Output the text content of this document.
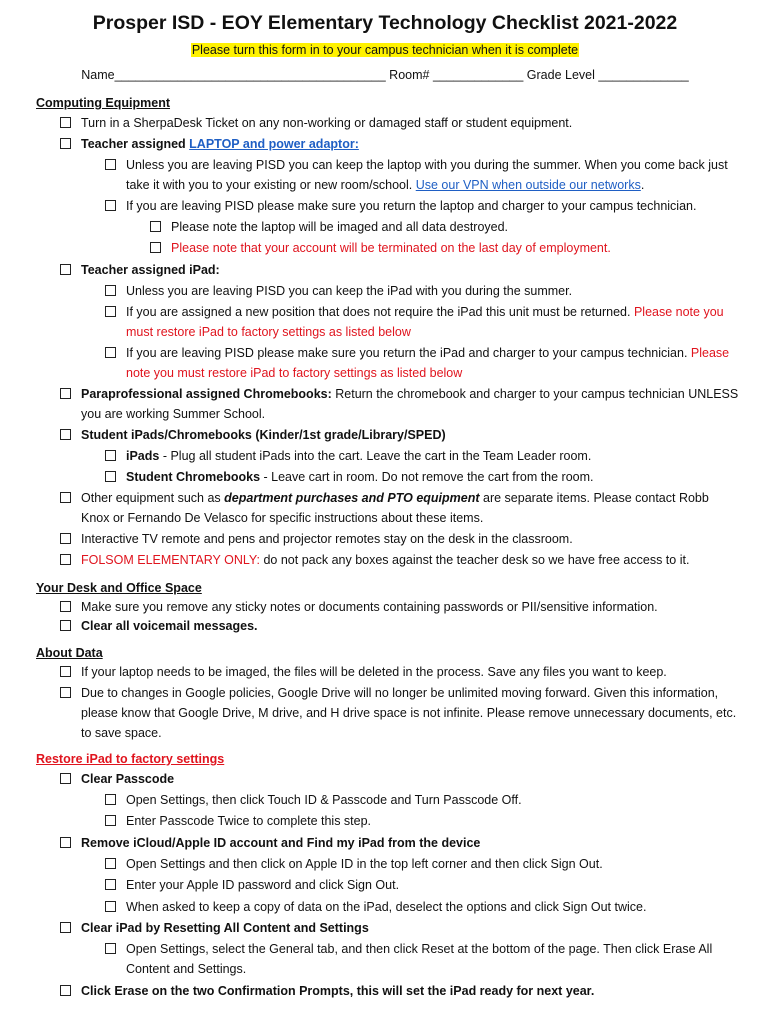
Prosper ISD - EOY Elementary Technology Checklist 2021-2022
Please turn this form in to your campus technician when it is complete
Name_______________________________________ Room# _____________ Grade Level _____________
Computing Equipment
Turn in a SherpaDesk Ticket on any non-working or damaged staff or student equipment.
Teacher assigned LAPTOP and power adaptor:
Unless you are leaving PISD you can keep the laptop with you during the summer. When you come back just take it with you to your existing or new room/school. Use our VPN when outside our networks.
If you are leaving PISD please make sure you return the laptop and charger to your campus technician.
Please note the laptop will be imaged and all data destroyed.
Please note that your account will be terminated on the last day of employment.
Teacher assigned iPad:
Unless you are leaving PISD you can keep the iPad with you during the summer.
If you are assigned a new position that does not require the iPad this unit must be returned. Please note you must restore iPad to factory settings as listed below
If you are leaving PISD please make sure you return the iPad and charger to your campus technician. Please note you must restore iPad to factory settings as listed below
Paraprofessional assigned Chromebooks: Return the chromebook and charger to your campus technician UNLESS you are working Summer School.
Student iPads/Chromebooks (Kinder/1st grade/Library/SPED)
iPads - Plug all student iPads into the cart. Leave the cart in the Team Leader room.
Student Chromebooks - Leave cart in room. Do not remove the cart from the room.
Other equipment such as department purchases and PTO equipment are separate items. Please contact Robb Knox or Fernando De Velasco for specific instructions about these items.
Interactive TV remote and pens and projector remotes stay on the desk in the classroom.
FOLSOM ELEMENTARY ONLY: do not pack any boxes against the teacher desk so we have free access to it.
Your Desk and Office Space
Make sure you remove any sticky notes or documents containing passwords or PII/sensitive information.
Clear all voicemail messages.
About Data
If your laptop needs to be imaged, the files will be deleted in the process. Save any files you want to keep.
Due to changes in Google policies, Google Drive will no longer be unlimited moving forward. Given this information, please know that Google Drive, M drive, and H drive space is not infinite. Please remove unnecessary documents, etc. to save space.
Restore iPad to factory settings
Clear Passcode
Open Settings, then click Touch ID & Passcode and Turn Passcode Off.
Enter Passcode Twice to complete this step.
Remove iCloud/Apple ID account and Find my iPad from the device
Open Settings and then click on Apple ID in the top left corner and then click Sign Out.
Enter your Apple ID password and click Sign Out.
When asked to keep a copy of data on the iPad, deselect the options and click Sign Out twice.
Clear iPad by Resetting All Content and Settings
Open Settings, select the General tab, and then click Reset at the bottom of the page. Then click Erase All Content and Settings.
Click Erase on the two Confirmation Prompts, this will set the iPad ready for next year.
